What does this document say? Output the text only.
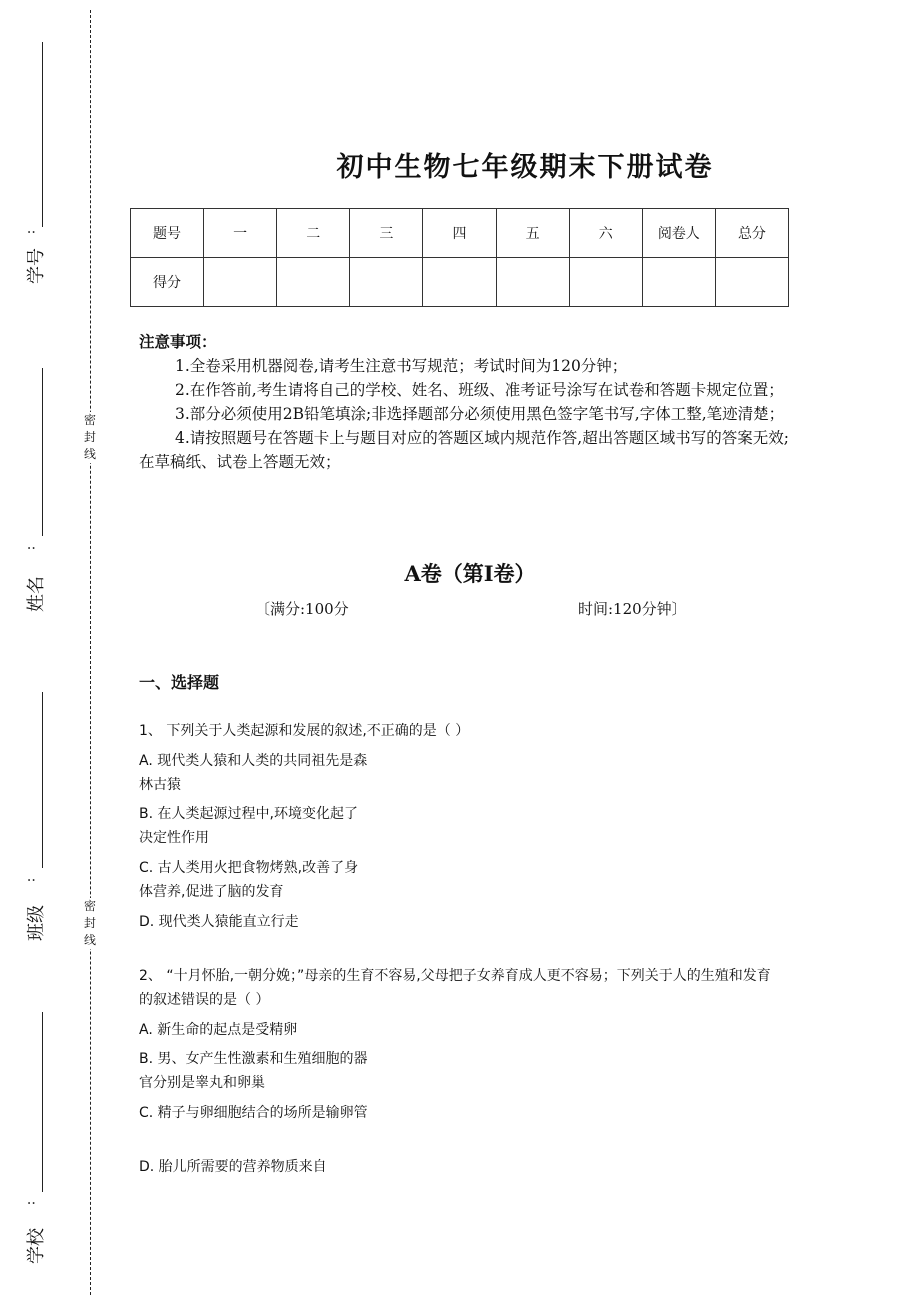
密
封
线
密
封
线
:
学号
:
姓名
:
班级
:
学校
初中生物七年级期末下册试卷
题号	一	二	三	四	五	六	阅卷人	总分
得分								
注意事项：

1.全卷采用机器阅卷,请考生注意书写规范；考试时间为120分钟；

2.在作答前,考生请将自己的学校、姓名、班级、准考证号涂写在试卷和答题卡规定位置；

3.部分必须使用2B铅笔填涂;非选择题部分必须使用黑色签字笔书写,字体工整,笔迹清楚；

4.请按照题号在答题卡上与题目对应的答题区域内规范作答,超出答题区域书写的答案无效;在草稿纸、试卷上答题无效；

A卷（第I卷）
〔满分:100分	时间:120分钟〕
一、选择题
1、 下列关于人类起源和发展的叙述,不正确的是（ ）
A. 现代类人猿和人类的共同祖先是森林古猿
B. 在人类起源过程中,环境变化起了决定性作用
C. 古人类用火把食物烤熟,改善了身体营养,促进了脑的发育
D. 现代类人猿能直立行走
2、 “十月怀胎,一朝分娩；”母亲的生育不容易,父母把子女养育成人更不容易；下列关于人的生殖和发育的叙述错误的是（ ）
A. 新生命的起点是受精卵
B. 男、女产生性激素和生殖细胞的器官分别是睾丸和卵巢
C. 精子与卵细胞结合的场所是输卵管
D. 胎儿所需要的营养物质来自
